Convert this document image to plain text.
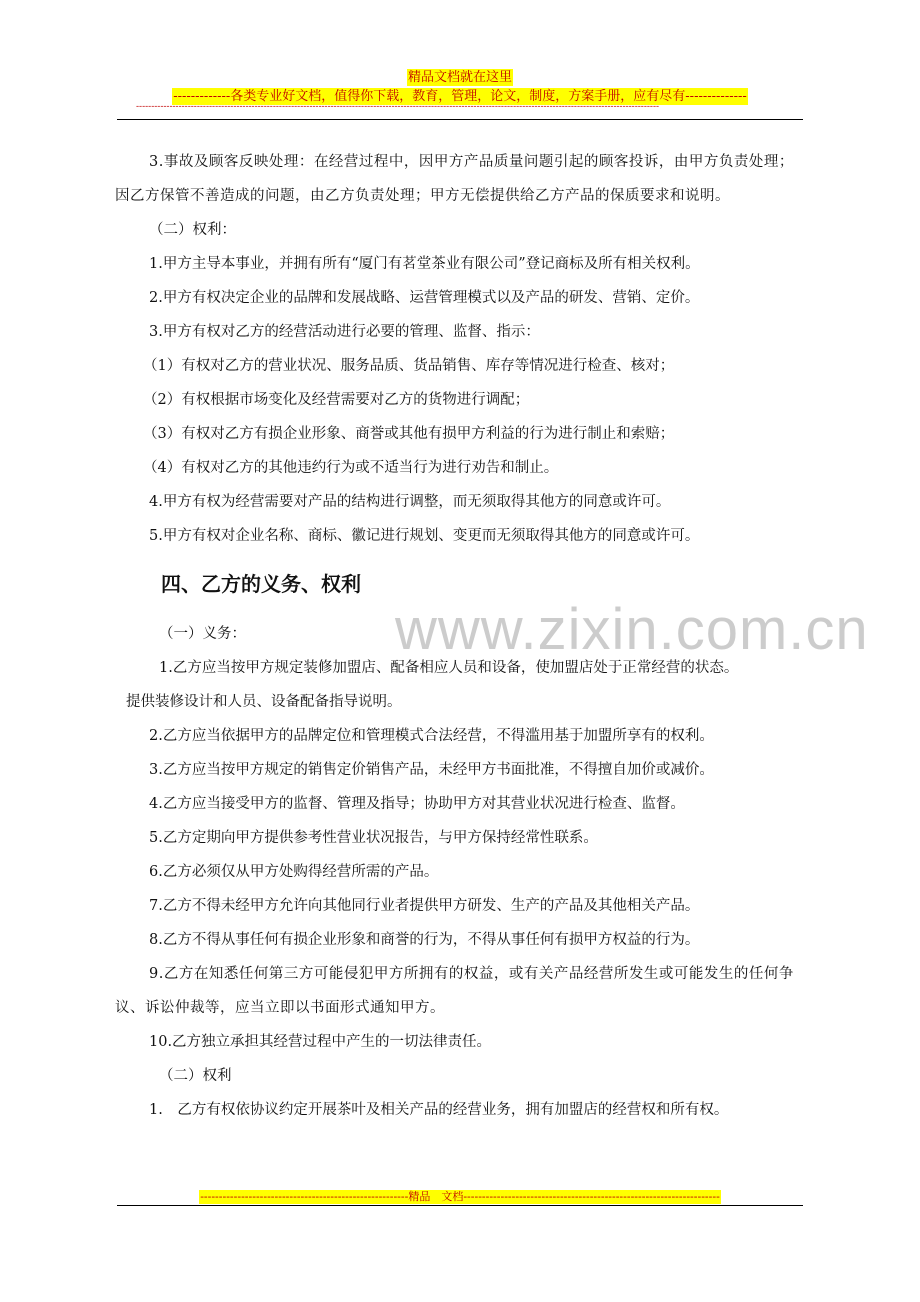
精品文档就在这里
-------------各类专业好文档，值得你下载，教育，管理，论文，制度，方案手册，应有尽有--------------
----------------------------------------------------------------------------------------------------------------------------------------------------------------------------
www.zixin.com.cn

3.事故及顾客反映处理：在经营过程中，因甲方产品质量问题引起的顾客投诉，由甲方负责处理；因乙方保管不善造成的问题，由乙方负责处理；甲方无偿提供给乙方产品的保质要求和说明。

（二）权利：

1.甲方主导本事业，并拥有所有“厦门有茗堂茶业有限公司”登记商标及所有相关权利。

2.甲方有权决定企业的品牌和发展战略、运营管理模式以及产品的研发、营销、定价。

3.甲方有权对乙方的经营活动进行必要的管理、监督、指示：

（1）有权对乙方的营业状况、服务品质、货品销售、库存等情况进行检查、核对；

（2）有权根据市场变化及经营需要对乙方的货物进行调配；

（3）有权对乙方有损企业形象、商誉或其他有损甲方利益的行为进行制止和索赔；

（4）有权对乙方的其他违约行为或不适当行为进行劝告和制止。

4.甲方有权为经营需要对产品的结构进行调整，而无须取得其他方的同意或许可。

5.甲方有权对企业名称、商标、徽记进行规划、变更而无须取得其他方的同意或许可。

四、乙方的义务、权利

（一）义务：

1.乙方应当按甲方规定装修加盟店、配备相应人员和设备，使加盟店处于正常经营的状态。

提供装修设计和人员、设备配备指导说明。

2.乙方应当依据甲方的品牌定位和管理模式合法经营，不得滥用基于加盟所享有的权利。

3.乙方应当按甲方规定的销售定价销售产品，未经甲方书面批准，不得擅自加价或减价。

4.乙方应当接受甲方的监督、管理及指导；协助甲方对其营业状况进行检查、监督。

5.乙方定期向甲方提供参考性营业状况报告，与甲方保持经常性联系。

6.乙方必须仅从甲方处购得经营所需的产品。

7.乙方不得未经甲方允许向其他同行业者提供甲方研发、生产的产品及其他相关产品。

8.乙方不得从事任何有损企业形象和商誉的行为，不得从事任何有损甲方权益的行为。

9.乙方在知悉任何第三方可能侵犯甲方所拥有的权益，或有关产品经营所发生或可能发生的任何争议、诉讼仲裁等，应当立即以书面形式通知甲方。

10.乙方独立承担其经营过程中产生的一切法律责任。

（二）权利

1.　乙方有权依协议约定开展茶叶及相关产品的经营业务，拥有加盟店的经营权和所有权。

--------------------------------------------------------精品　文档---------------------------------------------------------------------
